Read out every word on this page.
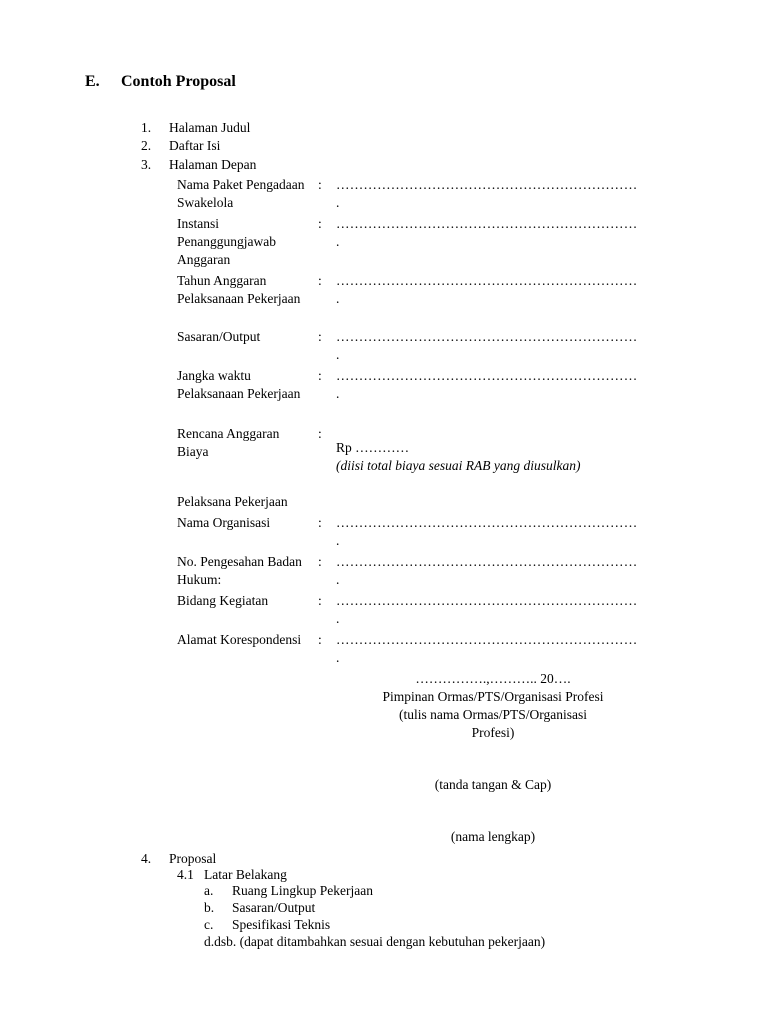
E. Contoh Proposal
1. Halaman Judul
2. Daftar Isi
3. Halaman Depan
Nama Paket Pengadaan Swakelola
: …………………………………………………………
.
Instansi Penanggungjawab Anggaran
: …………………………………………………………
.
Tahun Anggaran Pelaksanaan Pekerjaan
: …………………………………………………………
.
Sasaran/Output	: …………………………………………………………
.
Jangka waktu Pelaksanaan Pekerjaan
: …………………………………………………………
.
Rencana Anggaran Biaya
:
Rp …………
(diisi total biaya sesuai RAB yang diusulkan)
Pelaksana Pekerjaan
Nama Organisasi	: …………………………………………………………
.
No. Pengesahan Badan Hukum:
: …………………………………………………………
.
Bidang Kegiatan	: …………………………………………………………
.
Alamat Korespondensi	: …………………………………………………………
.
…………….,……….. 20….
Pimpinan Ormas/PTS/Organisasi Profesi
(tulis nama Ormas/PTS/Organisasi
Profesi)
(tanda tangan & Cap)
(nama lengkap)
4. Proposal
4.1 Latar Belakang
a. Ruang Lingkup Pekerjaan
b. Sasaran/Output
c. Spesifikasi Teknis
d.dsb. (dapat ditambahkan sesuai dengan kebutuhan pekerjaan)
